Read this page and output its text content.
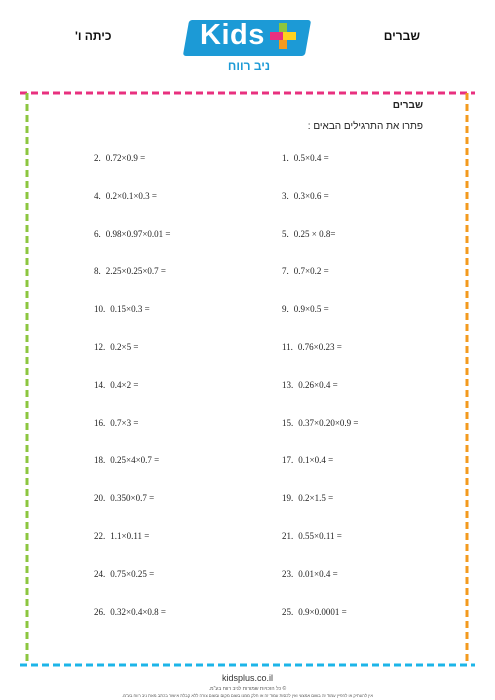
כיתה ו'	שברים
Kids
ניב רווח
שברים
פתרו את התרגילים הבאים :
1. 0.5×0.4 =
2. 0.72×0.9 =
3. 0.3×0.6 =
4. 0.2×0.1×0.3 =
5. 0.25 × 0.8=
6. 0.98×0.97×0.01 =
7. 0.7×0.2 =
8. 2.25×0.25×0.7 =
9. 0.9×0.5 =
10. 0.15×0.3 =
11. 0.76×0.23 =
12. 0.2×5 =
13. 0.26×0.4 =
14. 0.4×2 =
15. 0.37×0.20×0.9 =
16. 0.7×3 =
17. 0.1×0.4 =
18. 0.25×4×0.7 =
19. 0.2×1.5 =
20. 0.350×0.7 =
21. 0.55×0.11 =
22. 1.1×0.11 =
23. 0.01×0.4 =
24. 0.75×0.25 =
25. 0.9×0.0001 =
26. 0.32×0.4×0.8 =
kidsplus.co.il
© כל הזכויות שמורות לניב רווח בע"מ.
אין להעתיק או להפיץ עמוד זה בשום אמצעי ואין לכסות עמוד זה או חלק ממנו בשום מקום ובשום צורה ללא קבלת אישור בכתב מאת ניב רווח בע"מ.
